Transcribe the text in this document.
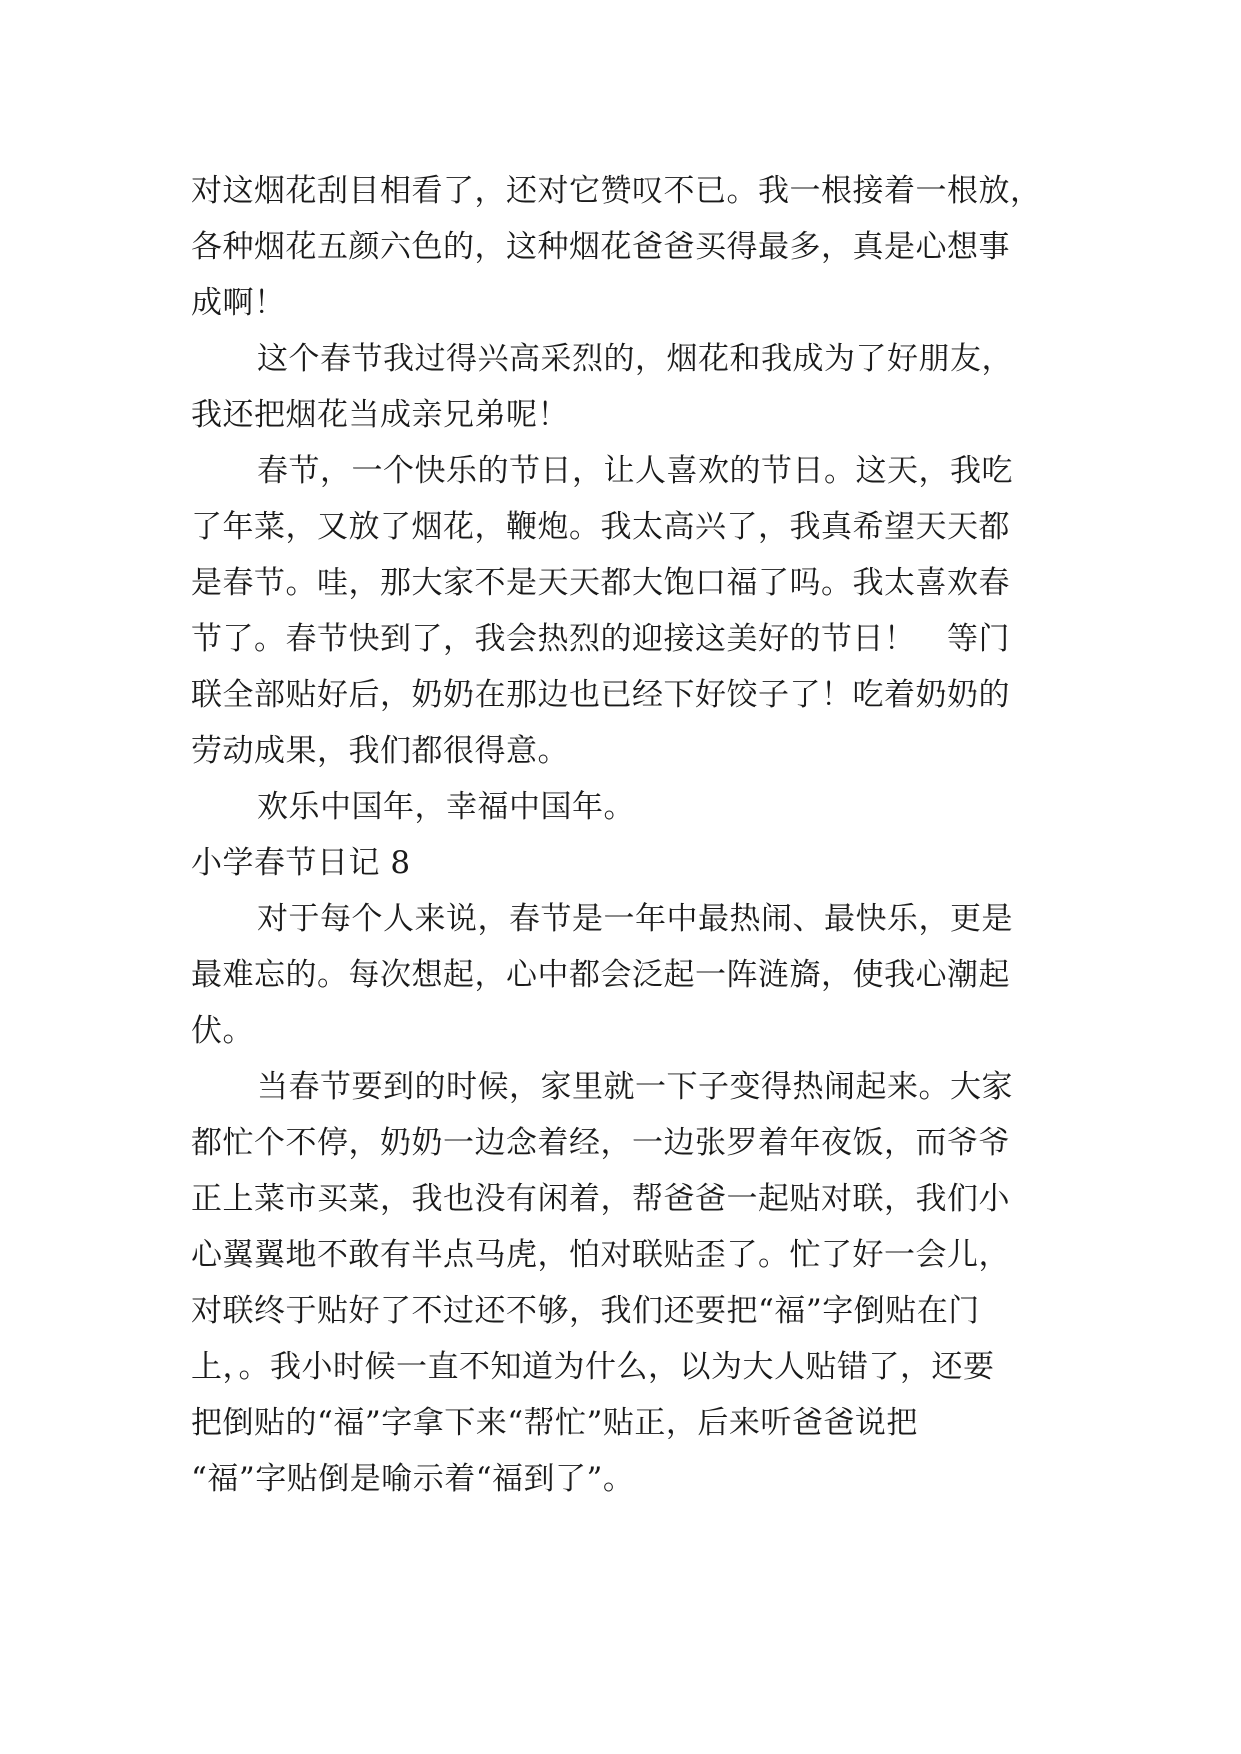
对这烟花刮目相看了，还对它赞叹不已。我一根接着一根放，
各种烟花五颜六色的，这种烟花爸爸买得最多，真是心想事
成啊！
这个春节我过得兴高采烈的，烟花和我成为了好朋友，
我还把烟花当成亲兄弟呢！
春节，一个快乐的节日，让人喜欢的节日。这天，我吃
了年菜，又放了烟花，鞭炮。我太高兴了，我真希望天天都
是春节。哇，那大家不是天天都大饱口福了吗。我太喜欢春
节了。春节快到了，我会热烈的迎接这美好的节日！　等门
联全部贴好后，奶奶在那边也已经下好饺子了！吃着奶奶的
劳动成果，我们都很得意。
欢乐中国年，幸福中国年。
小学春节日记 8
对于每个人来说，春节是一年中最热闹、最快乐，更是
最难忘的。每次想起，心中都会泛起一阵涟旖，使我心潮起
伏。
当春节要到的时候，家里就一下子变得热闹起来。大家
都忙个不停，奶奶一边念着经，一边张罗着年夜饭，而爷爷
正上菜市买菜，我也没有闲着，帮爸爸一起贴对联，我们小
心翼翼地不敢有半点马虎，怕对联贴歪了。忙了好一会儿，
对联终于贴好了不过还不够，我们还要把“福”字倒贴在门
上，。我小时候一直不知道为什么，以为大人贴错了，还要
把倒贴的“福”字拿下来“帮忙”贴正，后来听爸爸说把
“福”字贴倒是喻示着“福到了”。
